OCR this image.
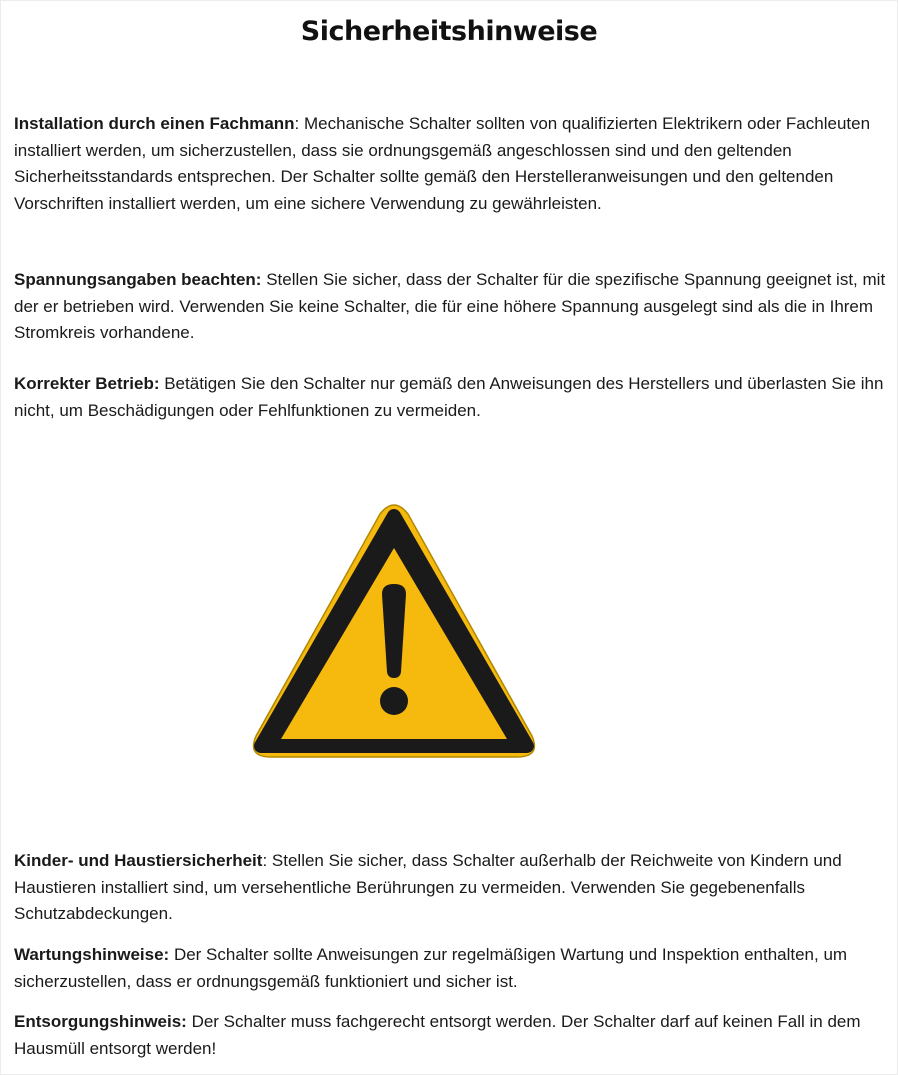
Sicherheitshinweise
Installation durch einen Fachmann: Mechanische Schalter sollten von qualifizierten Elektrikern oder Fachleuten installiert werden, um sicherzustellen, dass sie ordnungsgemäß angeschlossen sind und den geltenden Sicherheitsstandards entsprechen. Der Schalter sollte gemäß den Herstelleranweisungen und den geltenden Vorschriften installiert werden, um eine sichere Verwendung zu gewährleisten.
Spannungsangaben beachten: Stellen Sie sicher, dass der Schalter für die spezifische Spannung geeignet ist, mit der er betrieben wird. Verwenden Sie keine Schalter, die für eine höhere Spannung ausgelegt sind als die in Ihrem Stromkreis vorhandene.
Korrekter Betrieb: Betätigen Sie den Schalter nur gemäß den Anweisungen des Herstellers und überlasten Sie ihn nicht, um Beschädigungen oder Fehlfunktionen zu vermeiden.
Kinder- und Haustiersicherheit: Stellen Sie sicher, dass Schalter außerhalb der Reichweite von Kindern und Haustieren installiert sind, um versehentliche Berührungen zu vermeiden. Verwenden Sie gegebenenfalls Schutzabdeckungen.
Wartungshinweise: Der Schalter sollte Anweisungen zur regelmäßigen Wartung und Inspektion enthalten, um sicherzustellen, dass er ordnungsgemäß funktioniert und sicher ist.
Entsorgungshinweis: Der Schalter muss fachgerecht entsorgt werden. Der Schalter darf auf keinen Fall in dem Hausmüll entsorgt werden!
